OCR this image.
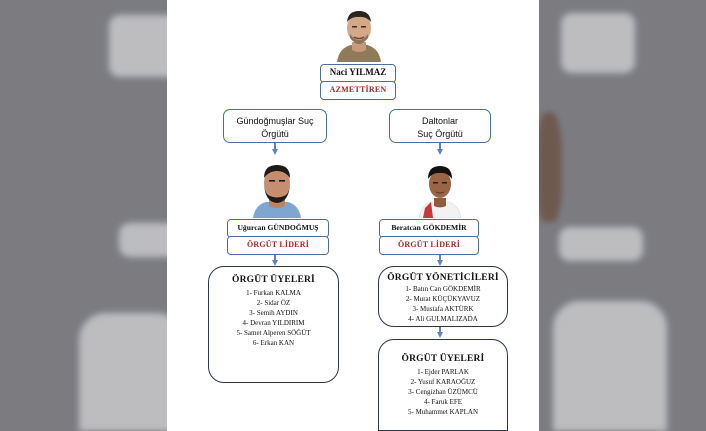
Naci YILMAZ
AZMETTİREN
Gündoğmuşlar Suç
Örgütü
Daltonlar
Suç Örgütü
Uğurcan GÜNDOĞMUŞ
ÖRGÜT LİDERİ
Beratcan GÖKDEMİR
ÖRGÜT LİDERİ
ÖRGÜT ÜYELERİ
1- Furkan KALMA
2- Sidar ÖZ
3- Semih AYDIN
4- Devran YILDIRIM
5- Samet Alperen SÖĞÜT
6- Erkan KAN
ÖRGÜT YÖNETİCİLERİ
1- Batın Can GÖKDEMİR
2- Murat KÜÇÜKYAVUZ
3- Mustafa AKTÜRK
4- Ali GULMALIZADA
ÖRGÜT ÜYELERİ
1- Ejder PARLAK
2- Yusuf KARAOĞUZ
3- Cengizhan ÜZÜMCÜ
4- Faruk EFE
5- Muhammet KAPLAN
